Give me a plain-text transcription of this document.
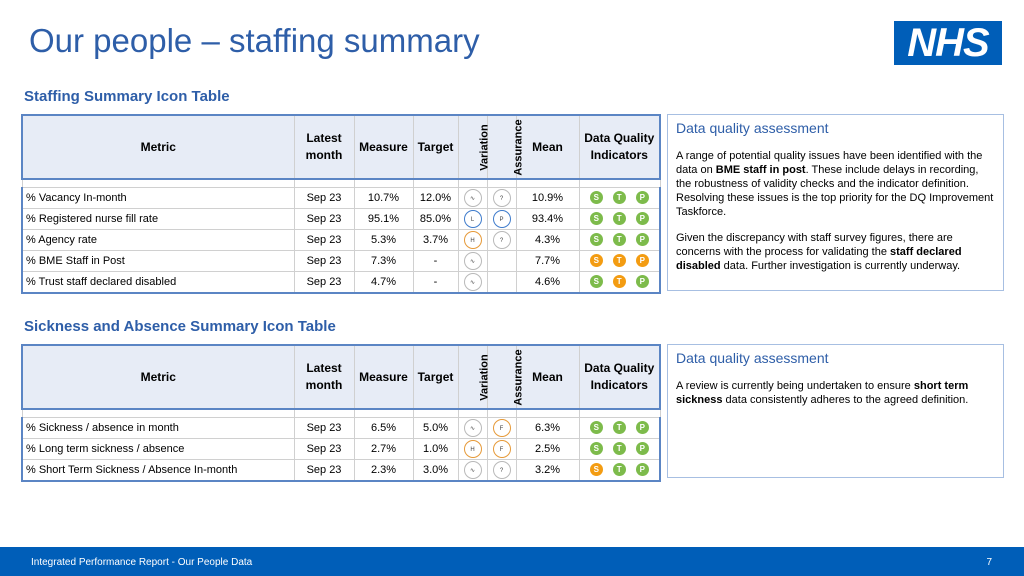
Our people – staffing summary	NHS
Staffing Summary Icon Table
Metric	Latest month	Measure	Target	Variation	Assurance	Mean	Data Quality Indicators

% Vacancy In-month	Sep 23	10.7%	12.0%	∿	?	10.9%	S T P
% Registered nurse fill rate	Sep 23	95.1%	85.0%	L	P	93.4%	S T P
% Agency rate	Sep 23	5.3%	3.7%	H	?	4.3%	S T P
% BME Staff in Post	Sep 23	7.3%	-	∿		7.7%	S T P
% Trust staff declared disabled	Sep 23	4.7%	-	∿		4.6%	S T P
Data quality assessment

A range of potential quality issues have been identified with the data on BME staff in post. These include delays in recording, the robustness of validity checks and the indicator definition. Resolving these issues is the top priority for the DQ Improvement Taskforce.

Given the discrepancy with staff survey figures, there are concerns with the process for validating the staff declared disabled data. Further investigation is currently underway.

Sickness and Absence Summary Icon Table
Metric	Latest month	Measure	Target	Variation	Assurance	Mean	Data Quality Indicators

% Sickness / absence in month	Sep 23	6.5%	5.0%	∿	F	6.3%	S T P
% Long term sickness / absence	Sep 23	2.7%	1.0%	H	F	2.5%	S T P
% Short Term Sickness / Absence In-month	Sep 23	2.3%	3.0%	∿	?	3.2%	S T P
Data quality assessment

A review is currently being undertaken to ensure short term sickness data consistently adheres to the agreed definition.

Integrated Performance Report - Our People Data	7
